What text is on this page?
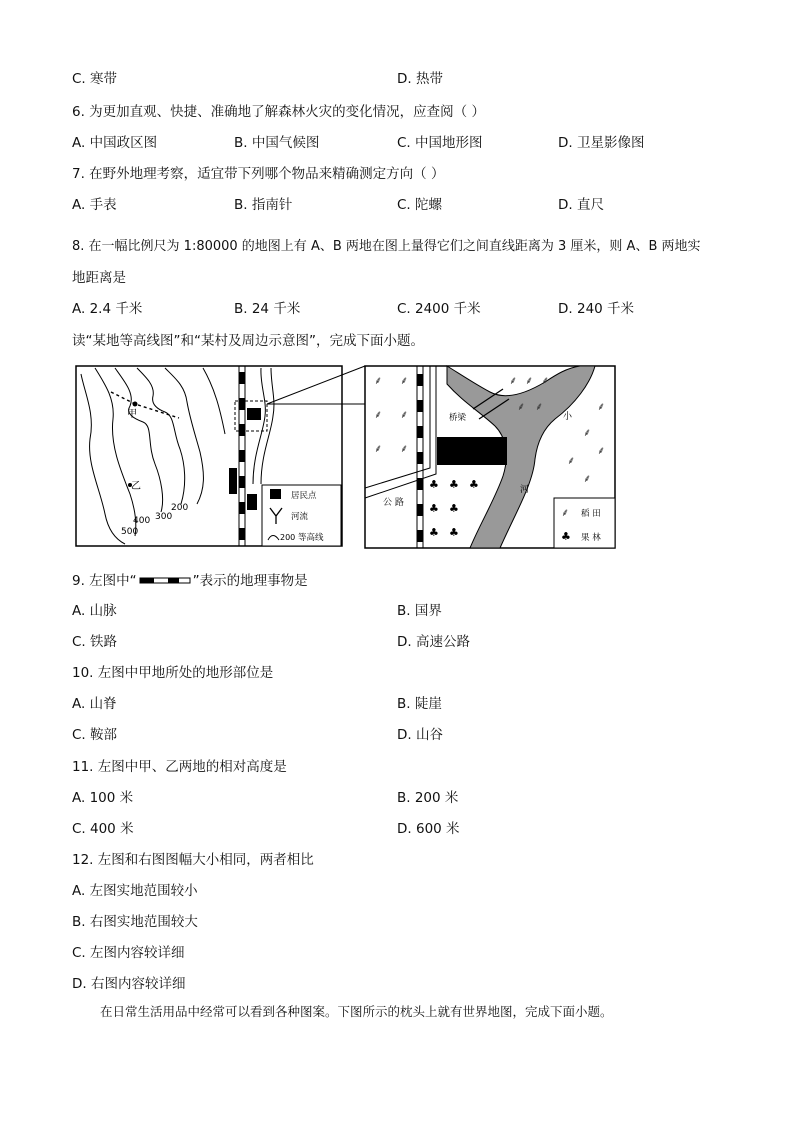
C. 寒带	D. 热带
6. 为更加直观、快捷、准确地了解森林火灾的变化情况，应查阅（ ）
A. 中国政区图	B. 中国气候图	C. 中国地形图	D. 卫星影像图
7. 在野外地理考察，适宜带下列哪个物品来精确测定方向（ ）
A. 手表	B. 指南针	C. 陀螺	D. 直尺
8. 在一幅比例尺为 1:80000 的地图上有 A、B 两地在图上量得它们之间直线距离为 3 厘米，则 A、B 两地实
地距离是
A. 2.4 千米	B. 24 千米	C. 2400 千米	D. 240 千米
读“某地等高线图”和“某村及周边示意图”，完成下面小题。
甲
乙
200
300
400
500
居民点
河流
200 等高线
桥梁
公 路
小
河
⸙ ⸙
⸙ ⸙
⸙ ⸙
⸙ ⸙ ⸙
⸙ ⸙	⸙
⸙
⸙
⸙
⸙
♣ ♣ ♣
♣ ♣
♣ ♣
⸙ 稻 田
♣ 果 林
9. 左图中“	”表示的地理事物是
A. 山脉	B. 国界
C. 铁路	D. 高速公路
10. 左图中甲地所处的地形部位是
A. 山脊	B. 陡崖
C. 鞍部	D. 山谷
11. 左图中甲、乙两地的相对高度是
A. 100 米	B. 200 米
C. 400 米	D. 600 米
12. 左图和右图图幅大小相同，两者相比
A. 左图实地范围较小
B. 右图实地范围较大
C. 左图内容较详细
D. 右图内容较详细
在日常生活用品中经常可以看到各种图案。下图所示的枕头上就有世界地图，完成下面小题。
